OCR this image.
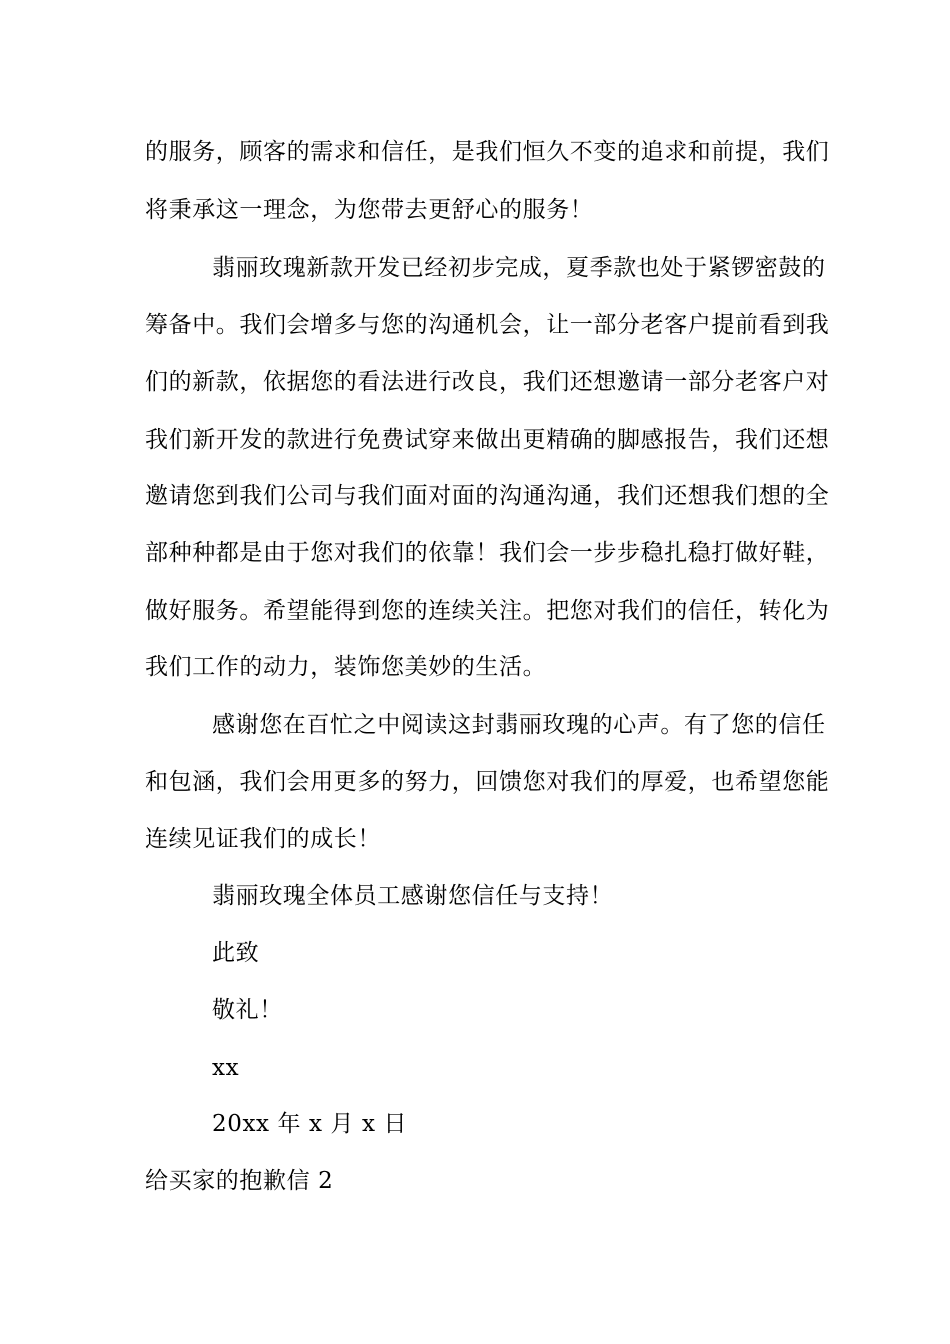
的服务，顾客的需求和信任，是我们恒久不变的追求和前提，我们
将秉承这一理念，为您带去更舒心的服务！
翡丽玫瑰新款开发已经初步完成，夏季款也处于紧锣密鼓的
筹备中。我们会增多与您的沟通机会，让一部分老客户提前看到我
们的新款，依据您的看法进行改良，我们还想邀请一部分老客户对
我们新开发的款进行免费试穿来做出更精确的脚感报告，我们还想
邀请您到我们公司与我们面对面的沟通沟通，我们还想我们想的全
部种种都是由于您对我们的依靠！我们会一步步稳扎稳打做好鞋，
做好服务。希望能得到您的连续关注。把您对我们的信任，转化为
我们工作的动力，装饰您美妙的生活。
感谢您在百忙之中阅读这封翡丽玫瑰的心声。有了您的信任
和包涵，我们会用更多的努力，回馈您对我们的厚爱，也希望您能
连续见证我们的成长！
翡丽玫瑰全体员工感谢您信任与支持！
此致
敬礼！
xx
20xx 年 x 月 x 日
给买家的抱歉信 2
